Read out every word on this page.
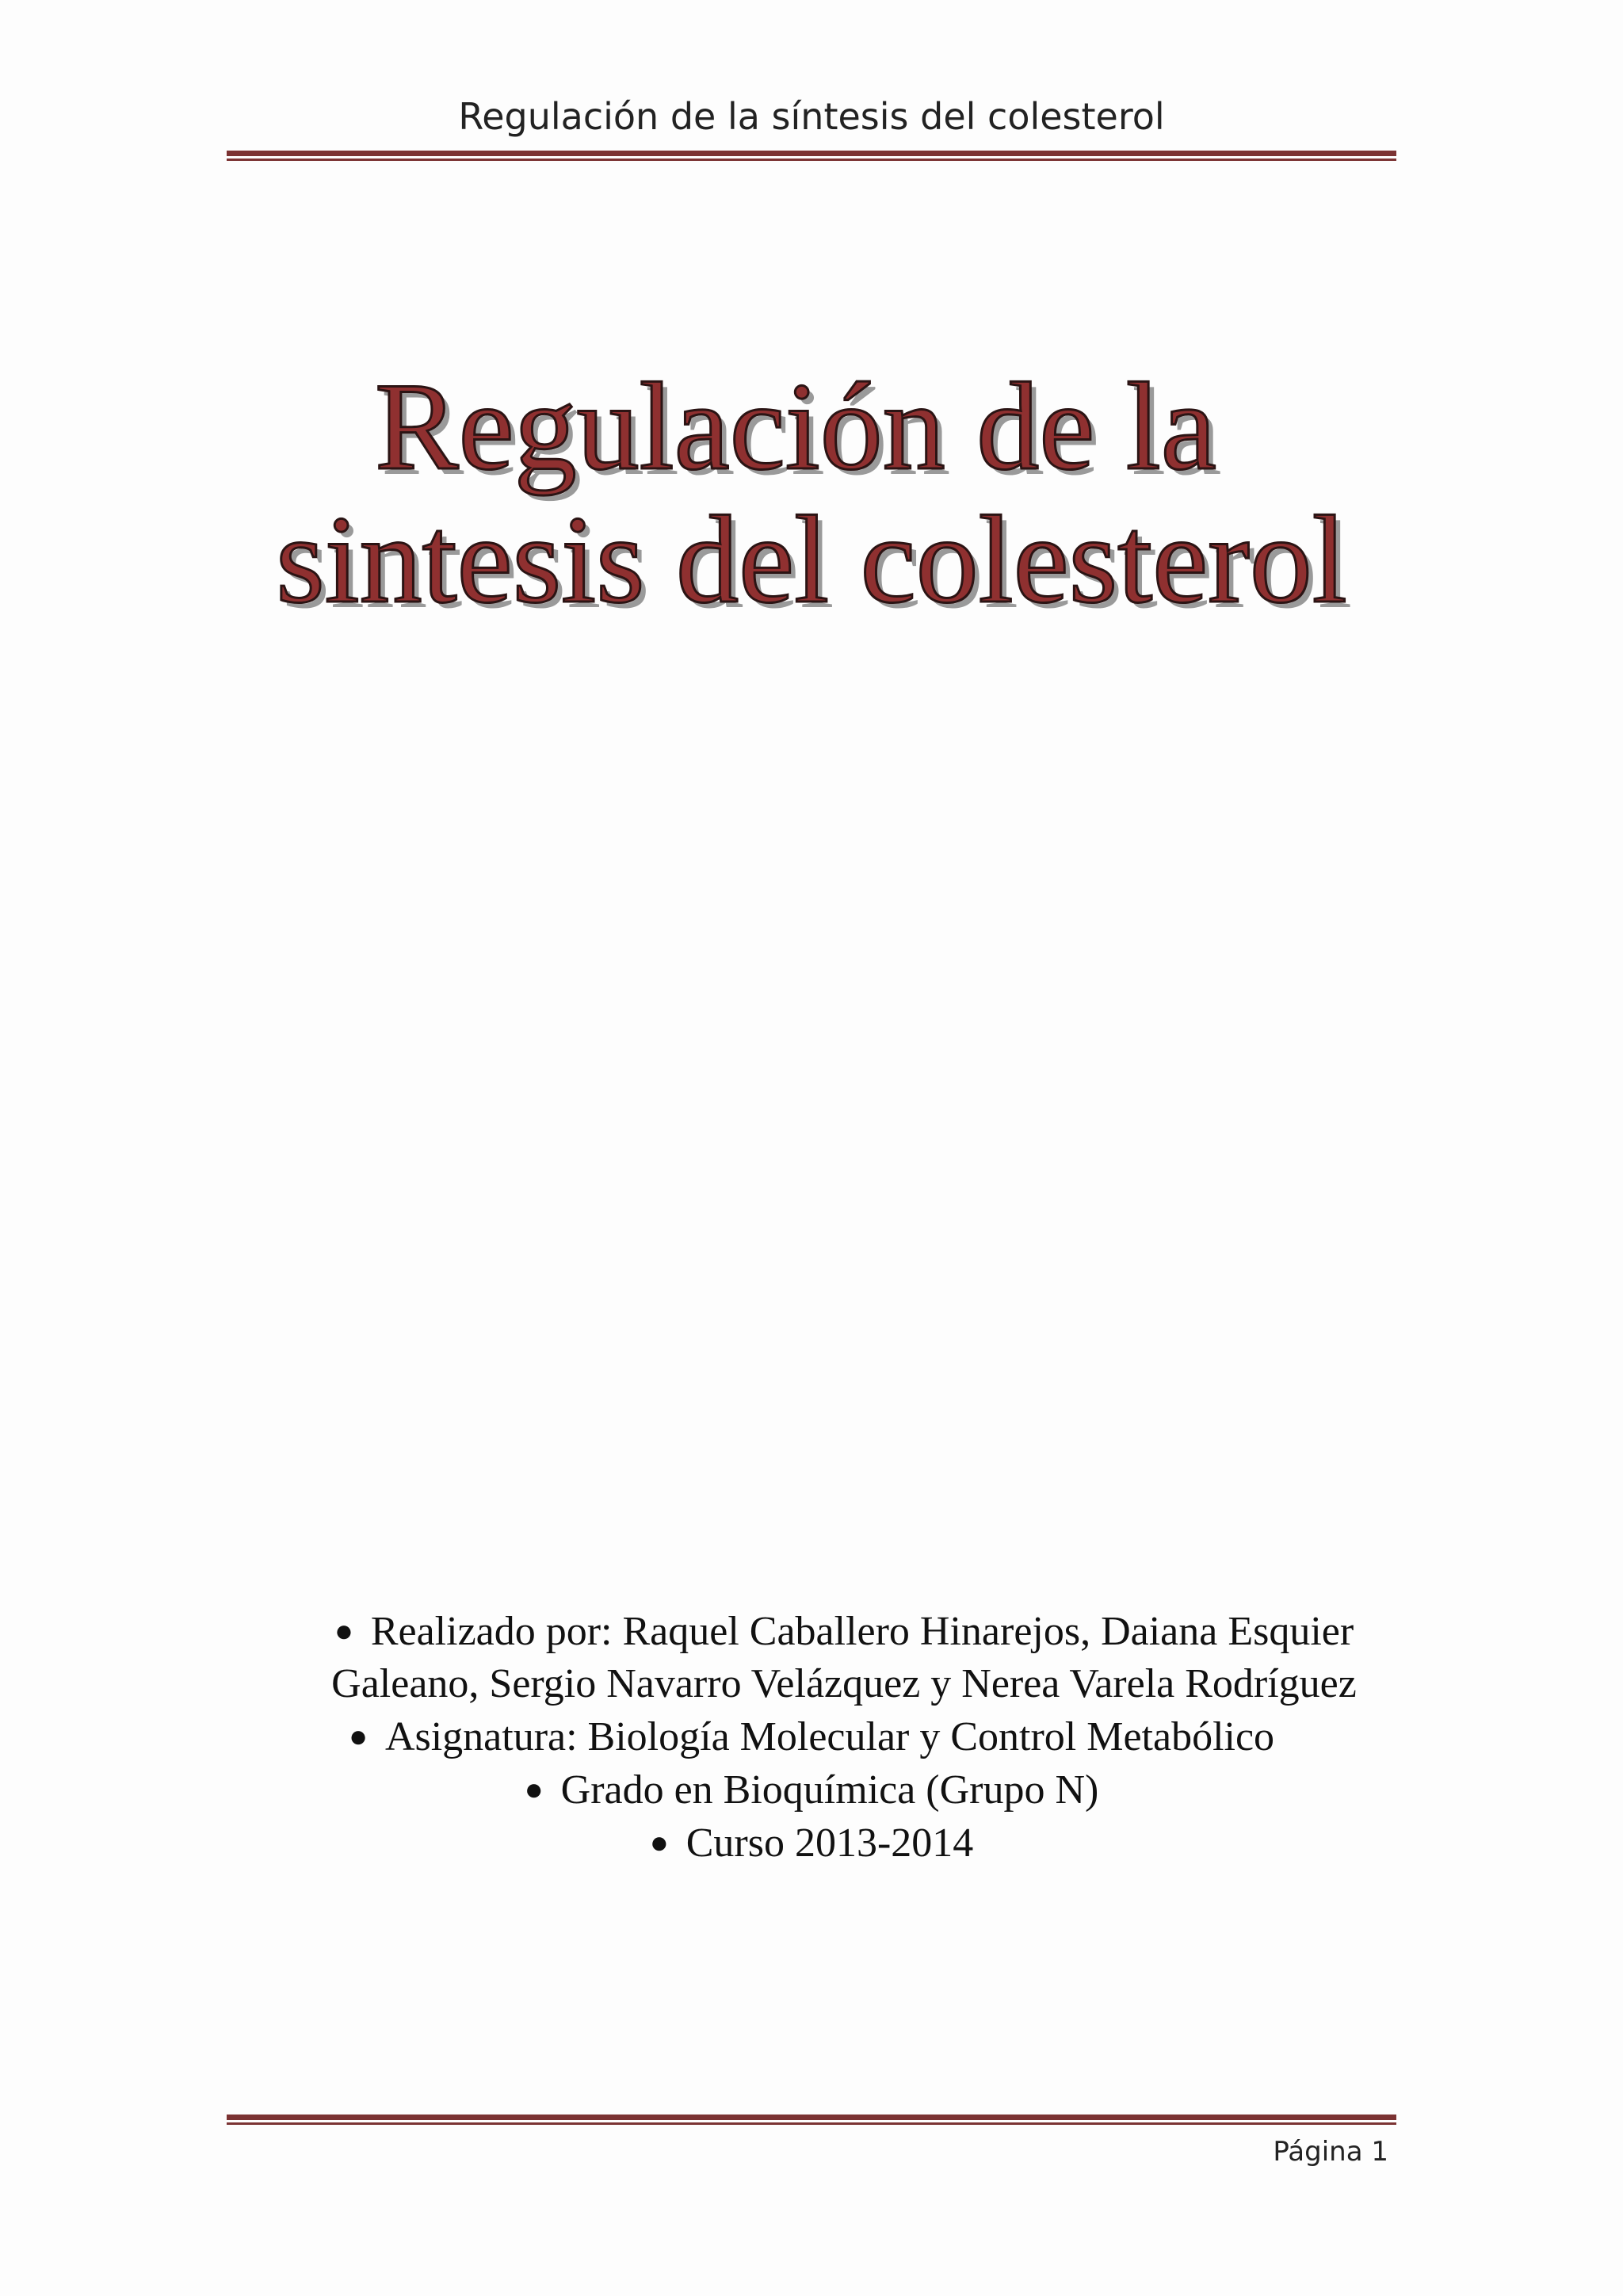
Regulación de la síntesis del colesterol
Regulación de la
sintesis del colesterol
● Realizado por: Raquel Caballero Hinarejos, Daiana Esquier Galeano, Sergio Navarro Velázquez y Nerea Varela Rodríguez
● Asignatura: Biología Molecular y Control Metabólico
● Grado en Bioquímica (Grupo N)
● Curso 2013-2014
Página 1
